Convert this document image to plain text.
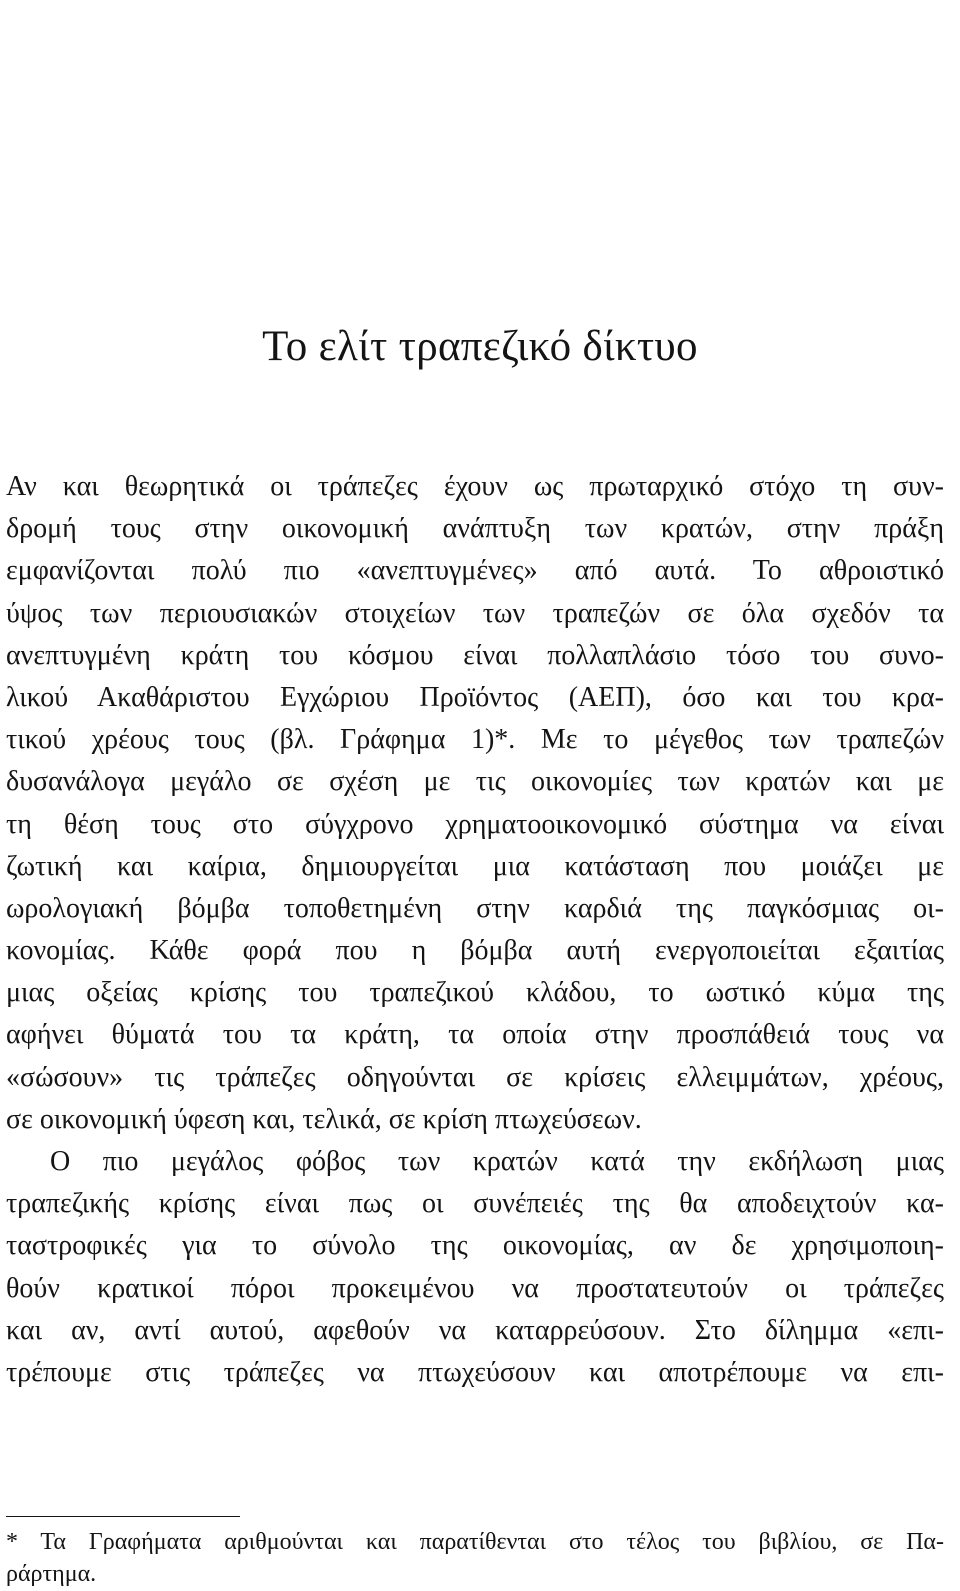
Το ελίτ τραπεζικό δίκτυο
Αν και θεωρητικά οι τράπεζες έχουν ως πρωταρχικό στόχο τη συν-
δρομή τους στην οικονομική ανάπτυξη των κρατών, στην πράξη
εμφανίζονται πολύ πιο «ανεπτυγμένες» από αυτά. Το αθροιστικό
ύψος των περιουσιακών στοιχείων των τραπεζών σε όλα σχεδόν τα
ανεπτυγμένη κράτη του κόσμου είναι πολλαπλάσιο τόσο του συνο-
λικού Ακαθάριστου Εγχώριου Προϊόντος (ΑΕΠ), όσο και του κρα-
τικού χρέους τους (βλ. Γράφημα 1)*. Με το μέγεθος των τραπεζών
δυσανάλογα μεγάλο σε σχέση με τις οικονομίες των κρατών και με
τη θέση τους στο σύγχρονο χρηματοοικονομικό σύστημα να είναι
ζωτική και καίρια, δημιουργείται μια κατάσταση που μοιάζει με
ωρολογιακή βόμβα τοποθετημένη στην καρδιά της παγκόσμιας οι-
κονομίας. Κάθε φορά που η βόμβα αυτή ενεργοποιείται εξαιτίας
μιας οξείας κρίσης του τραπεζικού κλάδου, το ωστικό κύμα της
αφήνει θύματά του τα κράτη, τα οποία στην προσπάθειά τους να
«σώσουν» τις τράπεζες οδηγούνται σε κρίσεις ελλειμμάτων, χρέους,
σε οικονομική ύφεση και, τελικά, σε κρίση πτωχεύσεων.
Ο πιο μεγάλος φόβος των κρατών κατά την εκδήλωση μιας
τραπεζικής κρίσης είναι πως οι συνέπειές της θα αποδειχτούν κα-
ταστροφικές για το σύνολο της οικονομίας, αν δε χρησιμοποιη-
θούν κρατικοί πόροι προκειμένου να προστατευτούν οι τράπεζες
και αν, αντί αυτού, αφεθούν να καταρρεύσουν. Στο δίλημμα «επι-
τρέπουμε στις τράπεζες να πτωχεύσουν και αποτρέπουμε να επι-
* Τα Γραφήματα αριθμούνται και παρατίθενται στο τέλος του βιβλίου, σε Πα-
ράρτημα.
